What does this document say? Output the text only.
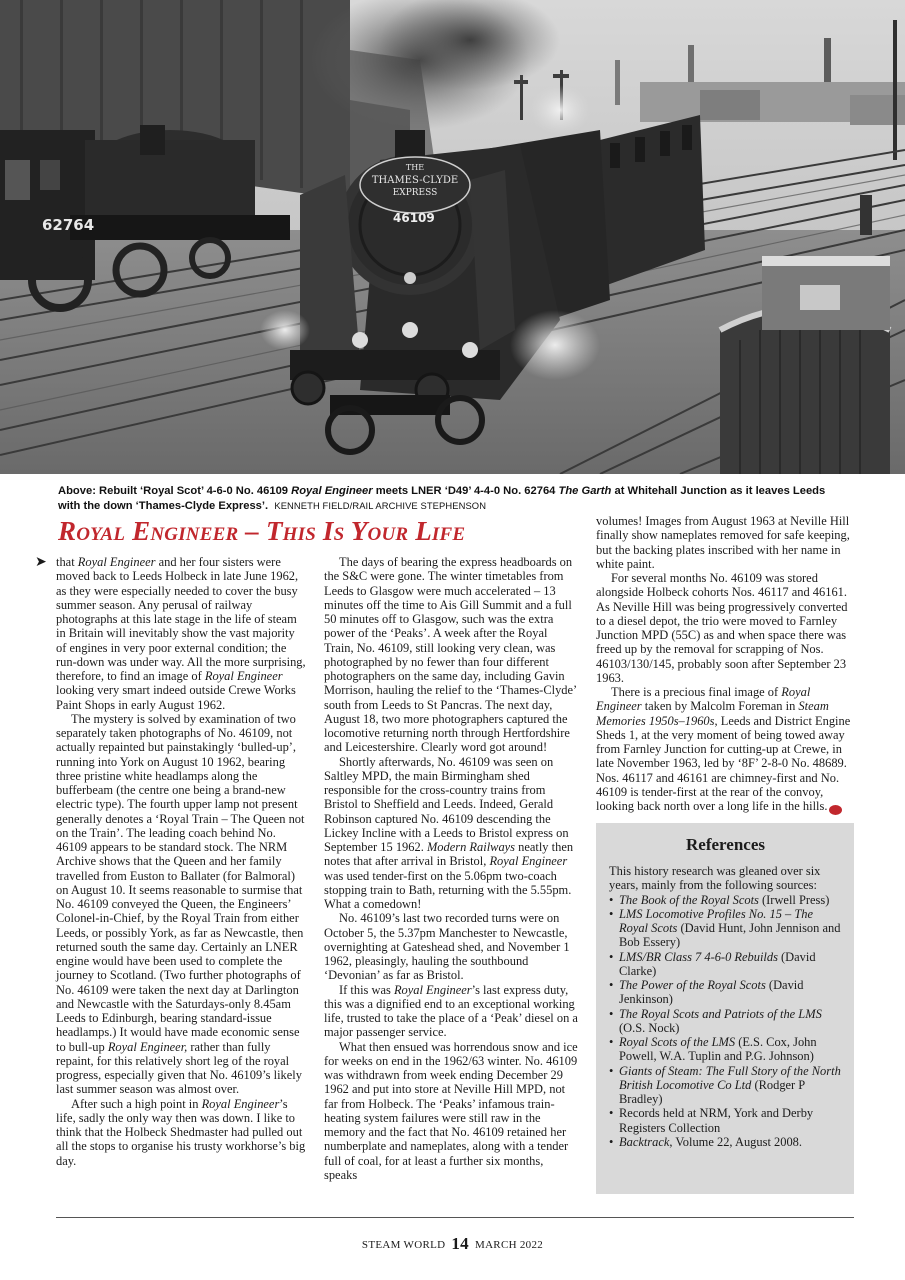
62764
THE
THAMES-CLYDE
EXPRESS
46109
Above: Rebuilt ‘Royal Scot’ 4-6-0 No. 46109 Royal Engineer meets LNER ‘D49’ 4-4-0 No. 62764 The Garth at Whitehall Junction as it leaves Leeds with the down ‘Thames-Clyde Express’. KENNETH FIELD/RAIL ARCHIVE STEPHENSON
Royal Engineer – This Is Your Life
➤ that Royal Engineer and her four sisters were moved back to Leeds Holbeck in late June 1962, as they were especially needed to cover the busy summer season. Any perusal of railway photographs at this late stage in the life of steam in Britain will inevitably show the vast majority of engines in very poor external condition; the run-down was under way. All the more surprising, therefore, to find an image of Royal Engineer looking very smart indeed outside Crewe Works Paint Shops in early August 1962.

The mystery is solved by examination of two separately taken photographs of No. 46109, not actually repainted but painstakingly ‘bulled-up’, running into York on August 10 1962, bearing three pristine white headlamps along the bufferbeam (the centre one being a brand-new electric type). The fourth upper lamp not present generally denotes a ‘Royal Train – The Queen not on the Train’. The leading coach behind No. 46109 appears to be standard stock. The NRM Archive shows that the Queen and her family travelled from Euston to Ballater (for Balmoral) on August 10. It seems reasonable to surmise that No. 46109 conveyed the Queen, the Engineers’ Colonel-in-Chief, by the Royal Train from either Leeds, or possibly York, as far as Newcastle, then returned south the same day. Certainly an LNER engine would have been used to complete the journey to Scotland. (Two further photographs of No. 46109 were taken the next day at Darlington and Newcastle with the Saturdays-only 8.45am Leeds to Edinburgh, bearing standard-issue headlamps.) It would have made economic sense to bull-up Royal Engineer, rather than fully repaint, for this relatively short leg of the royal progress, especially given that No. 46109’s likely last summer season was almost over.

After such a high point in Royal Engineer’s life, sadly the only way then was down. I like to think that the Holbeck Shedmaster had pulled out all the stops to organise his trusty workhorse’s big day.

The days of bearing the express headboards on the S&C were gone. The winter timetables from Leeds to Glasgow were much accelerated – 13 minutes off the time to Ais Gill Summit and a full 50 minutes off to Glasgow, such was the extra power of the ‘Peaks’. A week after the Royal Train, No. 46109, still looking very clean, was photographed by no fewer than four different photographers on the same day, including Gavin Morrison, hauling the relief to the ‘Thames-Clyde’ south from Leeds to St Pancras. The next day, August 18, two more photographers captured the locomotive returning north through Hertfordshire and Leicestershire. Clearly word got around!

Shortly afterwards, No. 46109 was seen on Saltley MPD, the main Birmingham shed responsible for the cross-country trains from Bristol to Sheffield and Leeds. Indeed, Gerald Robinson captured No. 46109 descending the Lickey Incline with a Leeds to Bristol express on September 15 1962. Modern Railways neatly then notes that after arrival in Bristol, Royal Engineer was used tender-first on the 5.06pm two-coach stopping train to Bath, returning with the 5.55pm. What a comedown!

No. 46109’s last two recorded turns were on October 5, the 5.37pm Manchester to Newcastle, overnighting at Gateshead shed, and November 1 1962, pleasingly, hauling the southbound ‘Devonian’ as far as Bristol.

If this was Royal Engineer’s last express duty, this was a dignified end to an exceptional working life, trusted to take the place of a ‘Peak’ diesel on a major passenger service.

What then ensued was horrendous snow and ice for weeks on end in the 1962/63 winter. No. 46109 was withdrawn from week ending December 29 1962 and put into store at Neville Hill MPD, not far from Holbeck. The ‘Peaks’ infamous train-heating system failures were still raw in the memory and the fact that No. 46109 retained her numberplate and nameplates, along with a tender full of coal, for at least a further six months, speaks

volumes! Images from August 1963 at Neville Hill finally show nameplates removed for safe keeping, but the backing plates inscribed with her name in white paint.

For several months No. 46109 was stored alongside Holbeck cohorts Nos. 46117 and 46161. As Neville Hill was being progressively converted to a diesel depot, the trio were moved to Farnley Junction MPD (55C) as and when space there was freed up by the removal for scrapping of Nos. 46103/130/145, probably soon after September 23 1963.

There is a precious final image of Royal Engineer taken by Malcolm Foreman in Steam Memories 1950s–1960s, Leeds and District Engine Sheds 1, at the very moment of being towed away from Farnley Junction for cutting-up at Crewe, in late November 1963, led by ‘8F’ 2-8-0 No. 48689. Nos. 46117 and 46161 are chimney-first and No. 46109 is tender-first at the rear of the convoy, looking back north over a long life in the hills.	SW

References

This history research was gleaned over six years, mainly from the following sources:

• The Book of the Royal Scots (Irwell Press)
• LMS Locomotive Profiles No. 15 – The Royal Scots (David Hunt, John Jennison and Bob Essery)
• LMS/BR Class 7 4-6-0 Rebuilds (David Clarke)
• The Power of the Royal Scots (David Jenkinson)
• The Royal Scots and Patriots of the LMS (O.S. Nock)
• Royal Scots of the LMS (E.S. Cox, John Powell, W.A. Tuplin and P.G. Johnson)
• Giants of Steam: The Full Story of the North British Locomotive Co Ltd (Rodger P Bradley)
• Records held at NRM, York and Derby Registers Collection
• Backtrack, Volume 22, August 2008.
STEAM WORLD 14 MARCH 2022
